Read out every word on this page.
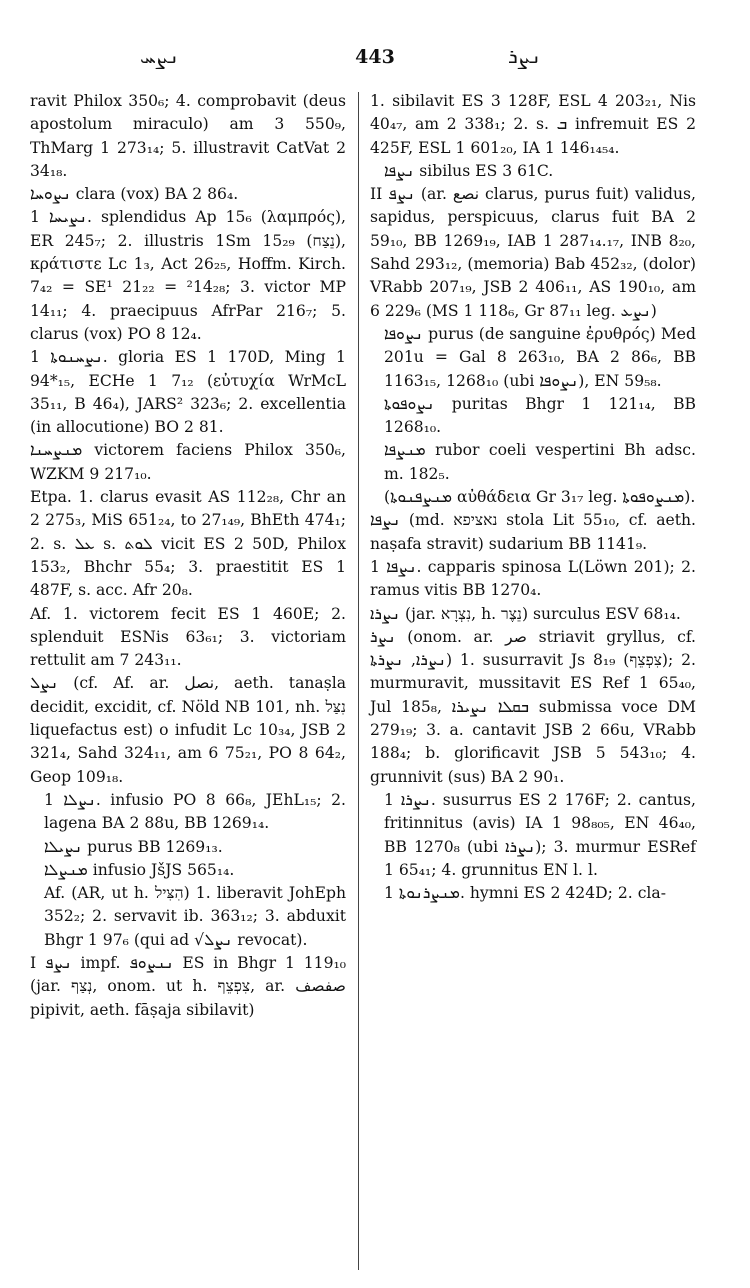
ܢܨܚ	443	ܢܨܪ

ravit Philox 350₆; 4. comprobavit (deus apostolum miraculo) am 3 550₉, ThMarg 1 273₁₄; 5. illustravit CatVat 2 34₁₈.

ܢܨܘܚܐ clara (vox) BA 2 86₄.

ܢܨܝܚܐ 1. splendidus Ap 15₆ (λαμπρός), ER 245₇; 2. illustris 1Sm 15₂₉ (נֵצַח), κράτιστε Lc 1₃, Act 26₂₅, Hoffm. Kirch. 7₄₂ = SE¹ 21₂₂ = ²14₂₈; 3. victor MP 14₁₁; 4. praecipuus AfrPar 216₇; 5. clarus (vox) PO 8 12₄.

ܢܨܚܢܘܬܐ 1. gloria ES 1 170D, Ming 1 94*₁₅, ECHe 1 7₁₂ (εὐτυχία WrMcL 35₁₁, B 46₄), JARS² 323₆; 2. excellentia (in allocutione) BO 2 81.

ܡܢܨܚܢܐ victorem faciens Philox 350₆, WZKM 9 217₁₀.

Etpa. 1. clarus evasit AS 112₂₈, Chr an 2 275₃, MiS 651₂₄, to 27₁₄₉, BhEth 474₁; 2. s. ܥܠ s. ܠܘܬ vicit ES 2 50D, Philox 153₂, Bhchr 55₄; 3. praestitit ES 1 487F, s. acc. Afr 20₈.

Af. 1. victorem fecit ES 1 460E; 2. splenduit ESNis 63₆₁; 3. victoriam rettulit am 7 243₁₁.

ܢܨܠ (cf. Af. ar. نصل, aeth. tanaṣla decidit, excidit, cf. Nöld NB 101, nh. נִצַּל liquefactus est) o infudit Lc 10₃₄, JSB 2 321₄, Sahd 324₁₁, am 6 75₂₁, PO 8 64₂, Geop 109₁₈.

ܢܨܠܐ 1. infusio PO 8 66₈, JEhL₁₅; 2. lagena BA 2 88u, BB 1269₁₄.

ܢܨܝܠܐ purus BB 1269₁₃.

ܡܢܨܠܐ infusio JšJS 565₁₄.

Af. (AR, ut h. הִצִּיל) 1. liberavit JohEph 352₂; 2. servavit ib. 363₁₂; 3. abduxit Bhgr 1 97₆ (qui ad √ܢܨܠ revocat).

I ܢܨܦ impf. ܢܢܨܘܦ ES in Bhgr 1 119₁₀ (jar. נְצַף, onom. ut h. צִפְצֵף, ar. صفصف pipivit, aeth. fāṣaja sibilavit)

1. sibilavit ES 3 128F, ESL 4 203₂₁, Nis 40₄₇, am 2 338₁; 2. s. ܒ infremuit ES 2 425F, ESL 1 601₂₀, IA 1 146₁₄₅₄.

ܢܨܦܐ sibilus ES 3 61C.

II ܢܨܦ (ar. نصع clarus, purus fuit) validus, sapidus, perspicuus, clarus fuit BA 2 59₁₀, BB 1269₁₉, IAB 1 287₁₄.₁₇, INB 8₂₀, Sahd 293₁₂, (memoria) Bab 452₃₂, (dolor) VRabb 207₁₉, JSB 2 406₁₁, AS 190₁₀, am 6 229₆ (MS 1 118₆, Gr 87₁₁ leg. ܢܨܥ)

ܢܨܘܦܐ purus (de sanguine ἐρυθρός) Med 201u = Gal 8 263₁₀, BA 2 86₆, BB 1163₁₅, 1268₁₀ (ubi ܢܨܘܦܐ), EN 59₅₈.

ܢܨܘܦܘܬܐ puritas Bhgr 1 121₁₄, BB 1268₁₀.

ܡܢܨܦܐ rubor coeli vespertini Bh adsc. m. 182₅.

(ܡܢܨܦܢܘܬܐ αὐθάδεια Gr 3₁₇ leg. ܡܢܨܘܦܘܬܐ).

ܢܨܦܐ (md. נאציפא stola Lit 55₁₀, cf. aeth. naṣafa stravit) sudarium BB 1141₉.

ܢܨܦܐ 1. capparis spinosa L(Löwn 201); 2. ramus vitis BB 1270₄.

ܢܨܪܐ (jar. נִצְרָא, h. נֵצֶר) surculus ESV 68₁₄.

ܢܨܪ (onom. ar. صر striavit gryllus, cf. ܢܨܪܐ, ܢܨܪܬܐ) 1. susurravit Js 8₁₉ (צִפְצֵף); 2. murmuravit, mussitavit ES Ref 1 65₄₀, Jul 185₈, ܒܩܠܐ ܢܨܝܪܐ submissa voce DM 279₁₉; 3. a. cantavit JSB 2 66u, VRabb 188₄; b. glorificavit JSB 5 543₁₀; 4. grunnivit (sus) BA 2 90₁.

ܢܨܪܐ 1. susurrus ES 2 176F; 2. cantus, fritinnitus (avis) IA 1 98₈₀₅, EN 46₄₀, BB 1270₈ (ubi ܢܨܪܐ); 3. murmur ESRef 1 65₄₁; 4. grunnitus EN l. l.

ܡܢܨܪܢܘܬܐ 1. hymni ES 2 424D; 2. cla-
